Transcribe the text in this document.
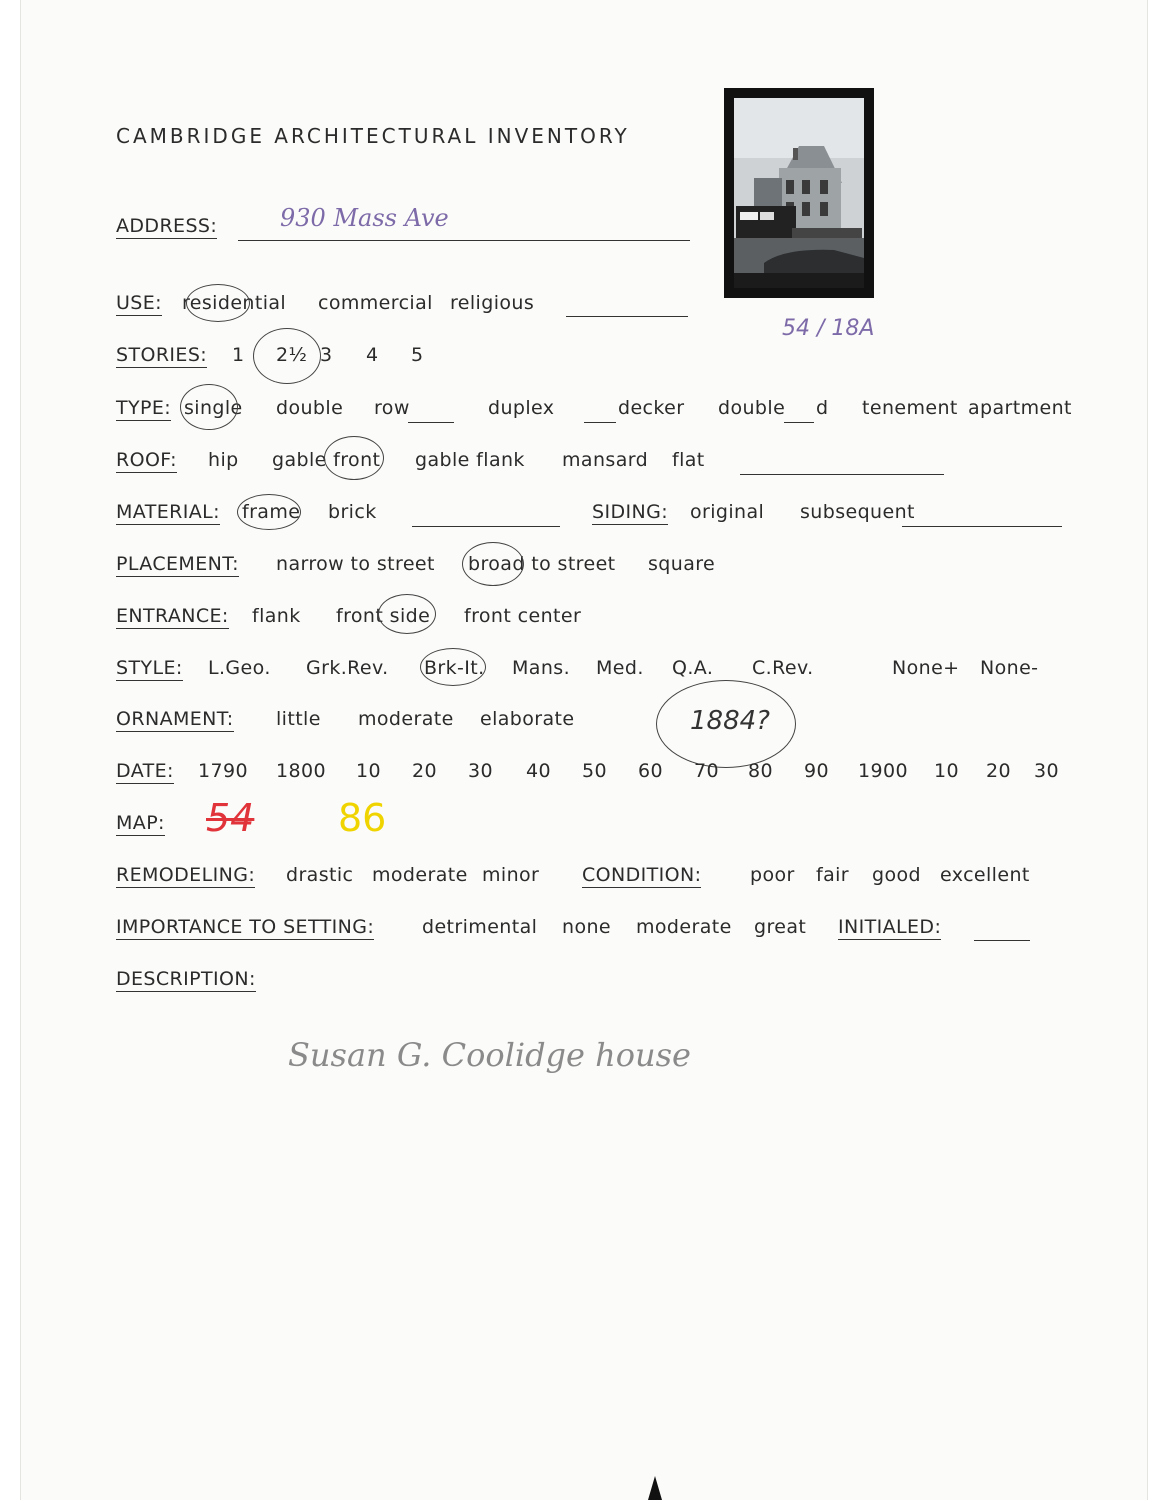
CAMBRIDGE ARCHITECTURAL INVENTORY
54 / 18A
ADDRESS:	930 Mass Ave
USE: residential commercial religious
STORIES: 1 2½ 3 4 5
TYPE: single double row	duplex	decker double d tenement apartment
ROOF: hip gable front gable flank mansard flat
MATERIAL: frame brick	SIDING: original subsequent
PLACEMENT: narrow to street broad to street square
ENTRANCE: flank front side front center
STYLE: L.Geo. Grk.Rev. Brk-It. Mans. Med. Q.A. C.Rev.	None+ None-
ORNAMENT: little moderate elaborate	1884?
DATE: 1790 1800 10 20 30 40 50 60 70 80 90 1900 10 20 30
MAP: 54 86
REMODELING: drastic moderate minor CONDITION:	poor fair good excellent
IMPORTANCE TO SETTING:	detrimental none moderate great INITIALED:
DESCRIPTION:
Susan G. Coolidge house
